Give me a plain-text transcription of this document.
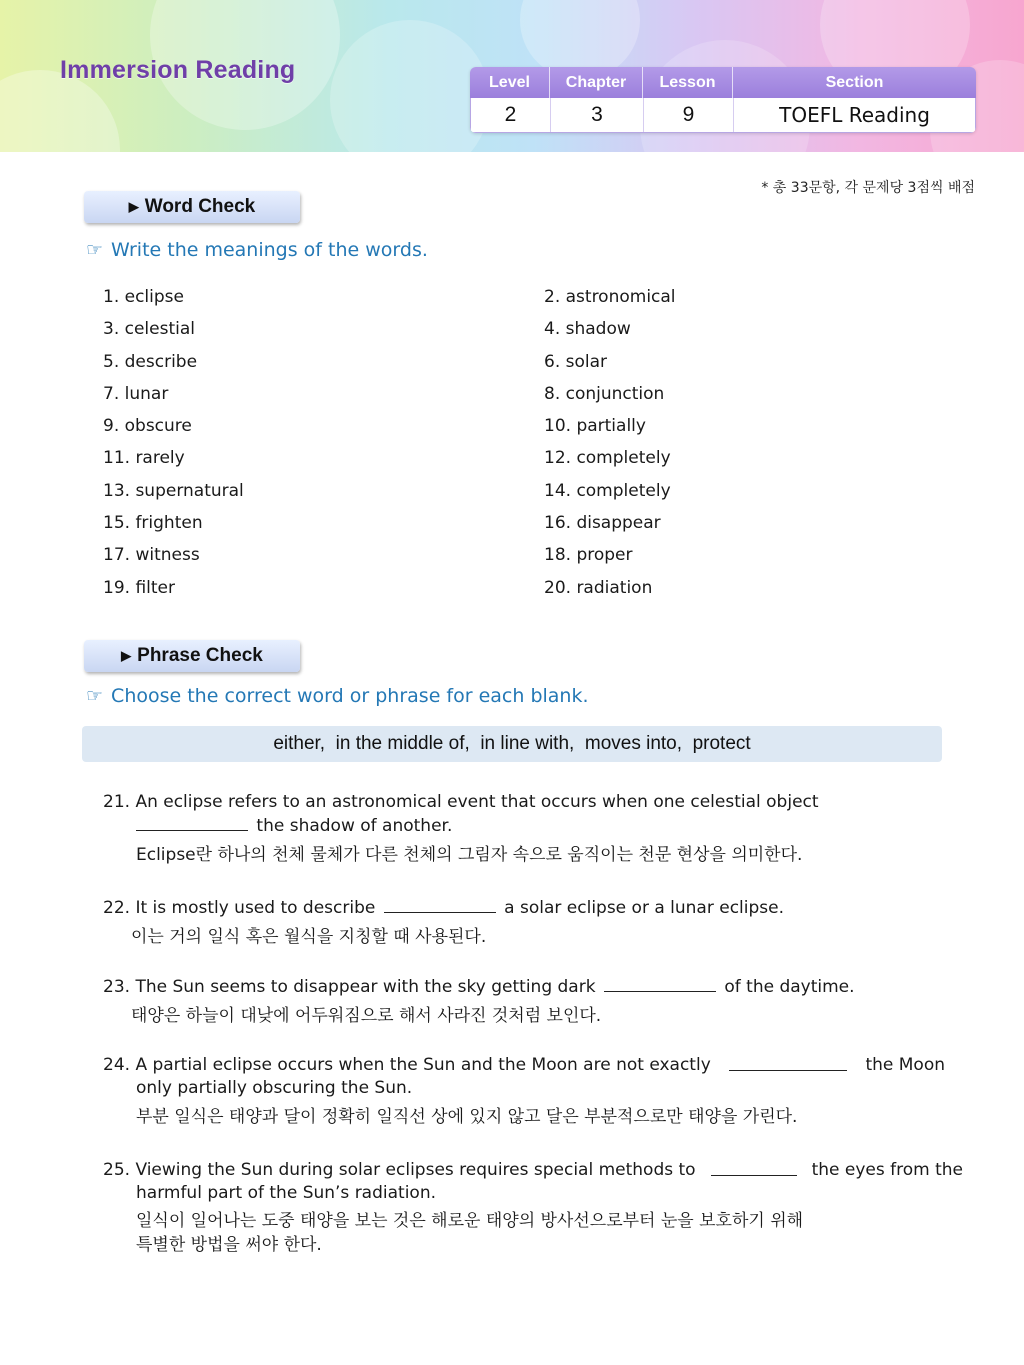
Immersion Reading	Level	Chapter	Lesson	Section
2	3	9	TOEFL Reading
* 총 33문항, 각 문제당 3점씩 배점
▶ Word Check
☞ Write the meanings of the words.
1. eclipse	2. astronomical
3. celestial	4. shadow
5. describe	6. solar
7. lunar	8. conjunction
9. obscure	10. partially
11. rarely	12. completely
13. supernatural	14. completely
15. frighten	16. disappear
17. witness	18. proper
19. filter	20. radiation
▶ Phrase Check
☞ Choose the correct word or phrase for each blank.
either,  in the middle of,  in line with,  moves into,  protect
21. An eclipse refers to an astronomical event that occurs when one celestial object
the shadow of another.
Eclipse란 하나의 천체 물체가 다른 천체의 그림자 속으로 움직이는 천문 현상을 의미한다.
22. It is mostly used to describe	a solar eclipse or a lunar eclipse.
이는 거의 일식 혹은 월식을 지칭할 때 사용된다.
23. The Sun seems to disappear with the sky getting dark	of the daytime.
태양은 하늘이 대낮에 어두워짐으로 해서 사라진 것처럼 보인다.
24. A partial eclipse occurs when the Sun and the Moon are not exactly	the Moon
only partially obscuring the Sun.
부분 일식은 태양과 달이 정확히 일직선 상에 있지 않고 달은 부분적으로만 태양을 가린다.
25. Viewing the Sun during solar eclipses requires special methods to	the eyes from the
harmful part of the Sun’s radiation.
일식이 일어나는 도중 태양을 보는 것은 해로운 태양의 방사선으로부터 눈을 보호하기 위해
특별한 방법을 써야 한다.
